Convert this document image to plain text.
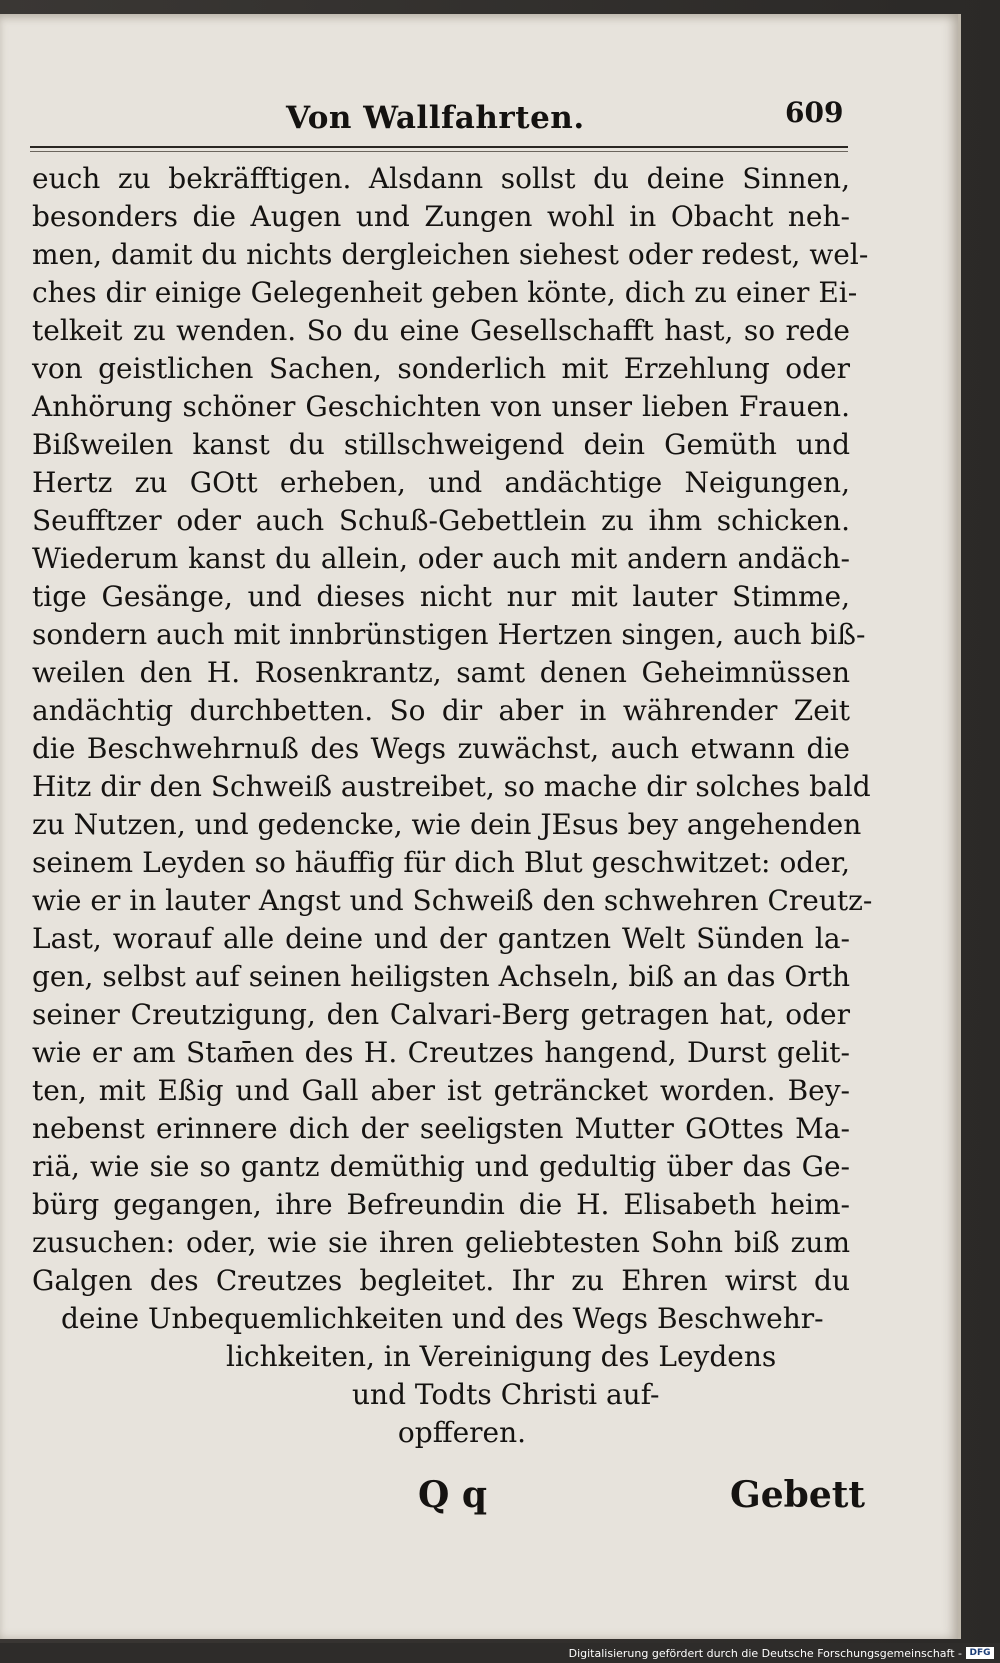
Von Wallfahrten.	609
euch zu bekräfftigen. Alsdann sollst du deine Sinnen,
besonders die Augen und Zungen wohl in Obacht neh-
men, damit du nichts dergleichen siehest oder redest, wel-
ches dir einige Gelegenheit geben könte, dich zu einer Ei-
telkeit zu wenden. So du eine Gesellschafft hast, so rede
von geistlichen Sachen, sonderlich mit Erzehlung oder
Anhörung schöner Geschichten von unser lieben Frauen.
Bißweilen kanst du stillschweigend dein Gemüth und
Hertz zu GOtt erheben, und andächtige Neigungen,
Seufftzer oder auch Schuß-Gebettlein zu ihm schicken.
Wiederum kanst du allein, oder auch mit andern andäch-
tige Gesänge, und dieses nicht nur mit lauter Stimme,
sondern auch mit innbrünstigen Hertzen singen, auch biß-
weilen den H. Rosenkrantz, samt denen Geheimnüssen
andächtig durchbetten. So dir aber in währender Zeit
die Beschwehrnuß des Wegs zuwächst, auch etwann die
Hitz dir den Schweiß austreibet, so mache dir solches bald
zu Nutzen, und gedencke, wie dein JEsus bey angehenden
seinem Leyden so häuffig für dich Blut geschwitzet: oder,
wie er in lauter Angst und Schweiß den schwehren Creutz-
Last, worauf alle deine und der gantzen Welt Sünden la-
gen, selbst auf seinen heiligsten Achseln, biß an das Orth
seiner Creutzigung, den Calvari-Berg getragen hat, oder
wie er am Stam̄en des H. Creutzes hangend, Durst gelit-
ten, mit Eßig und Gall aber ist geträncket worden. Bey-
nebenst erinnere dich der seeligsten Mutter GOttes Ma-
riä, wie sie so gantz demüthig und gedultig über das Ge-
bürg gegangen, ihre Befreundin die H. Elisabeth heim-
zusuchen: oder, wie sie ihren geliebtesten Sohn biß zum
Galgen des Creutzes begleitet. Ihr zu Ehren wirst du
deine Unbequemlichkeiten und des Wegs Beschwehr-
lichkeiten, in Vereinigung des Leydens
und Todts Christi auf-
opfferen.
Q q	Gebett
Digitalisierung gefördert durch die Deutsche Forschungsgemeinschaft - DFG
